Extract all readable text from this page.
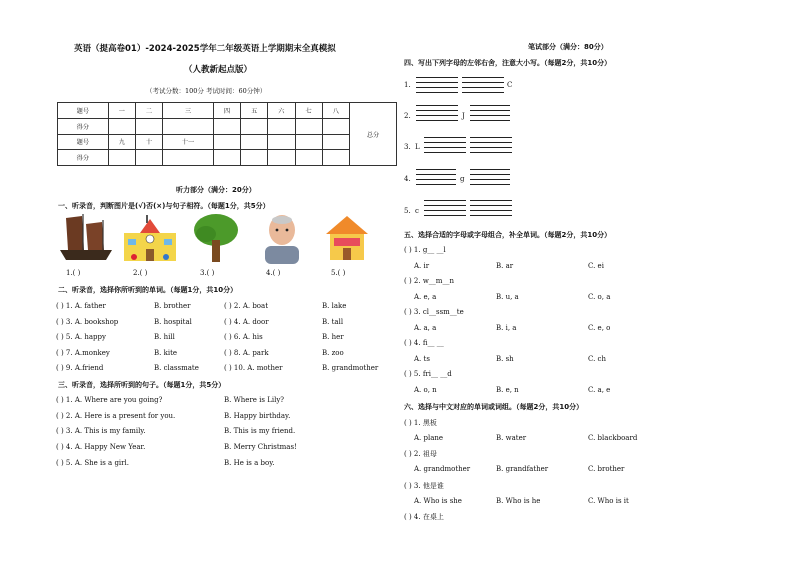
英语（提高卷01）-2024-2025学年二年级英语上学期期末全真模拟
（人教新起点版）
（考试分数：100分 考试时间：60分钟）
题号	一	二	三	四	五	六	七	八	总分
得分									
题号	九	十	十一						
得分									
听力部分（满分：20分）
一、听录音，判断图片是(√)否(×)与句子相符。（每题1分，共5分）
1.( )	2.( )	3.( )	4.( )	5.( )
二、听录音，选择你所听到的单词。（每题1分，共10分）
( ) 1. A. father	B. brother	( ) 2. A. boat	B. lake
( ) 3. A. bookshop	B. hospital	( ) 4. A. door	B. tall
( ) 5. A. happy	B. hill	( ) 6. A. his	B. her
( ) 7. A.monkey	B. kite	( ) 8. A. park	B. zoo
( ) 9. A.friend	B. classmate	( ) 10. A. mother	B. grandmother
三、听录音，选择所听到的句子。（每题1分，共5分）
( ) 1. A. Where are you going?	B. Where is Lily?
( ) 2. A. Here is a present for you.	B. Happy birthday.
( ) 3. A. This is my family.	B. This is my friend.
( ) 4. A. Happy New Year.	B. Merry Christmas!
( ) 5. A. She is a girl.	B. He is a boy.
笔试部分（满分：80分）
四、写出下列字母的左邻右舍，注意大小写。（每题2分，共10分）
1.	C
2.	J
3. L
4.	g
5. c
五、选择合适的字母或字母组合，补全单词。（每题2分，共10分）
( ) 1. g__ __l
A. ir	B. ar	C. ei
( ) 2. w__m__n
A. e, a	B. u, a	C. o, a
( ) 3. cl__ssm__te
A. a, a	B. i, a	C. e, o
( ) 4. fi__ __
A. ts	B. sh	C. ch
( ) 5. fri__ __d
A. o, n	B. e, n	C. a, e
六、选择与中文对应的单词或词组。（每题2分，共10分）
( ) 1. 黑板
A. plane	B. water	C. blackboard
( ) 2. 祖母
A. grandmother	B. grandfather	C. brother
( ) 3. 他是谁
A. Who is she	B. Who is he	C. Who is it
( ) 4. 在桌上
